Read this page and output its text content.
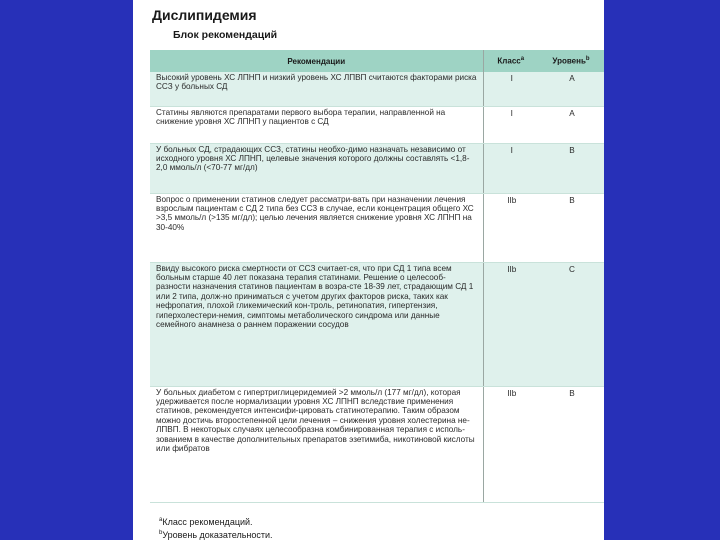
Дислипидемия
Блок рекомендаций
Рекомендации	Класс$^a$	Уровень$^b$
Высокий уровень ХС ЛПНП и низкий уровень ХС ЛПВП считаются факторами риска ССЗ у больных СД	I	A
Статины являются препаратами первого выбора терапии, направленной на снижение уровня ХС ЛПНП у пациентов с СД	I	A
У больных СД, страдающих ССЗ, статины необхо-димо назначать независимо от исходного уровня ХС ЛПНП, целевые значения которого должны составлять <1,8-2,0 ммоль/л (<70-77 мг/дл)	I	B
Вопрос о применении статинов следует рассматри-вать при назначении лечения взрослым пациентам с СД 2 типа без ССЗ в случае, если концентрация общего ХС >3,5 ммоль/л (>135 мг/дл); целью лечения является снижение уровня ХС ЛПНП на 30-40%	IIb	B
Ввиду высокого риска смертности от ССЗ считает-ся, что при СД 1 типа всем больным старше 40 лет показана терапия статинами. Решение о целесооб-разности назначения статинов пациентам в возра-сте 18-39 лет, страдающим СД 1 или 2 типа, долж-но приниматься с учетом других факторов риска, таких как нефропатия, плохой гликемический кон-троль, ретинопатия, гипертензия, гиперхолестери-немия, симптомы метаболического синдрома или данные семейного анамнеза о раннем поражении сосудов	IIb	C
У больных диабетом с гипертриглицеридемией >2 ммоль/л (177 мг/дл), которая удерживается после нормализации уровня ХС ЛПНП вследствие применения статинов, рекомендуется интенсифи-цировать статинотерапию. Таким образом можно достичь второстепенной цели лечения – снижения уровня холестерина не-ЛПВП. В некоторых случаях целесообразна комбинированная терапия с исполь-зованием в качестве дополнительных препаратов эзетимиба, никотиновой кислоты или фибратов	IIb	B
$^a$Класс рекомендаций.
$^b$Уровень доказательности.
